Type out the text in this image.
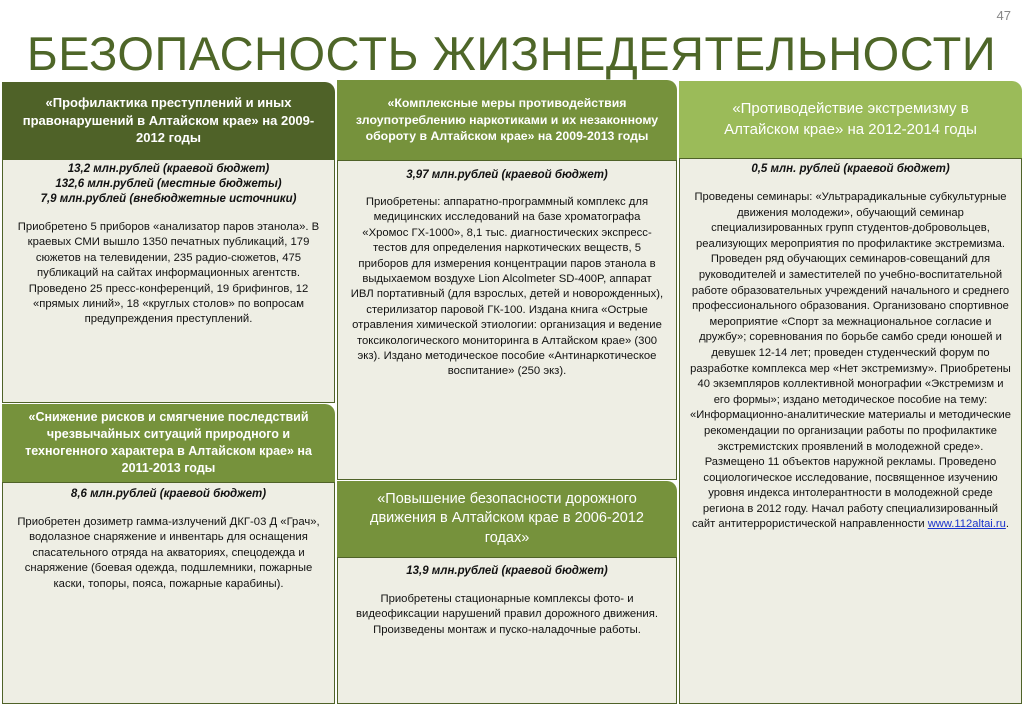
47
БЕЗОПАСНОСТЬ ЖИЗНЕДЕЯТЕЛЬНОСТИ
«Профилактика преступлений и иных правонарушений в Алтайском крае» на 2009-2012 годы
13,2 млн.рублей (краевой бюджет)
132,6 млн.рублей (местные бюджеты)
7,9 млн.рублей (внебюджетные источники)
Приобретено 5 приборов «анализатор паров этанола». В краевых СМИ вышло 1350 печатных публикаций, 179 сюжетов на телевидении, 235 радио-сюжетов, 475 публикаций на сайтах информационных агентств. Проведено 25 пресс-конференций, 19 брифингов, 12 «прямых линий», 18 «круглых столов» по вопросам предупреждения преступлений.
«Снижение рисков и смягчение последствий чрезвычайных ситуаций природного и техногенного характера в Алтайском крае» на 2011-2013 годы
8,6 млн.рублей (краевой бюджет)
Приобретен дозиметр гамма-излучений ДКГ-03 Д «Грач», водолазное снаряжение и инвентарь для оснащения спасательного отряда на акваториях, спецодежда и снаряжение (боевая одежда, подшлемники, пожарные каски, топоры, пояса, пожарные карабины).
«Комплексные меры противодействия злоупотреблению наркотиками и их незаконному обороту в Алтайском крае» на 2009-2013 годы
3,97 млн.рублей (краевой бюджет)
Приобретены: аппаратно-программный комплекс для медицинских исследований на базе хроматографа «Хромос ГХ-1000», 8,1 тыс. диагностических экспресс-тестов для определения наркотических веществ, 5 приборов для измерения концентрации паров этанола в выдыхаемом воздухе Lion Alcolmeter SD-400P, аппарат ИВЛ портативный (для взрослых, детей и новорожденных), стерилизатор паровой ГК-100. Издана книга «Острые отравления химической этиологии: организация и ведение токсикологического мониторинга в Алтайском крае» (300 экз). Издано методическое пособие «Антинаркотическое воспитание» (250 экз).
«Повышение безопасности дорожного движения в Алтайском крае в 2006-2012 годах»
13,9 млн.рублей (краевой бюджет)
Приобретены стационарные комплексы фото- и видеофиксации нарушений правил дорожного движения. Произведены монтаж и пуско-наладочные работы.
«Противодействие экстремизму в Алтайском крае» на 2012-2014 годы
0,5 млн. рублей (краевой бюджет)
Проведены семинары: «Ультрарадикальные субкультурные движения молодежи», обучающий семинар специализированных групп студентов-добровольцев, реализующих мероприятия по профилактике экстремизма. Проведен ряд обучающих семинаров-совещаний для руководителей и заместителей по учебно-воспитательной работе образовательных учреждений начального и среднего профессионального образования. Организовано спортивное мероприятие «Спорт за межнациональное согласие и дружбу»; соревнования по борьбе самбо среди юношей и девушек 12-14 лет; проведен студенческий форум по разработке комплекса мер «Нет экстремизму». Приобретены 40 экземпляров коллективной монографии «Экстремизм и его формы»; издано методическое пособие на тему: «Информационно-аналитические материалы и методические рекомендации по организации работы по профилактике экстремистских проявлений в молодежной среде». Размещено 11 объектов наружной рекламы. Проведено социологическое исследование, посвященное изучению уровня индекса интолерантности в молодежной среде региона в 2012 году. Начал работу специализированный сайт антитеррористической направленности www.112altai.ru.
